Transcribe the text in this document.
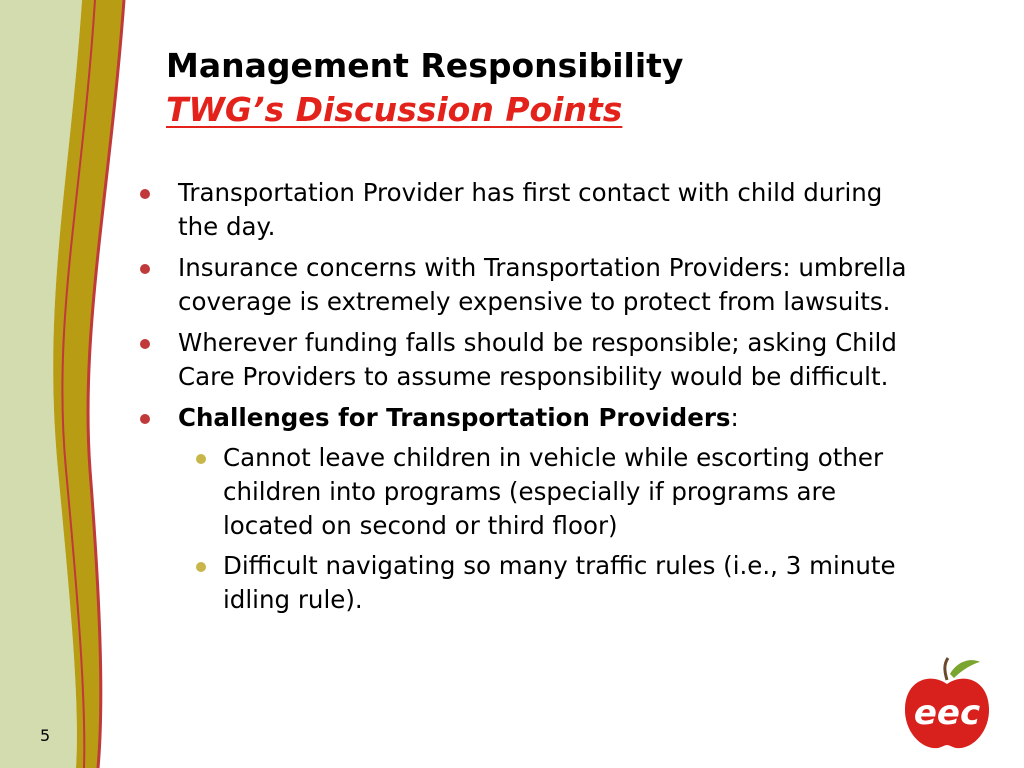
Management Responsibility
TWG’s Discussion Points
Transportation Provider has first contact with child during the day.
Insurance concerns with Transportation Providers: umbrella coverage is extremely expensive to protect from lawsuits.
Wherever funding falls should be responsible; asking Child Care Providers to assume responsibility would be difficult.
Challenges for Transportation Providers:
Cannot leave children in vehicle while escorting other children into programs (especially if programs are located on second or third floor)
Difficult navigating so many traffic rules (i.e., 3 minute idling rule).
5
eec
